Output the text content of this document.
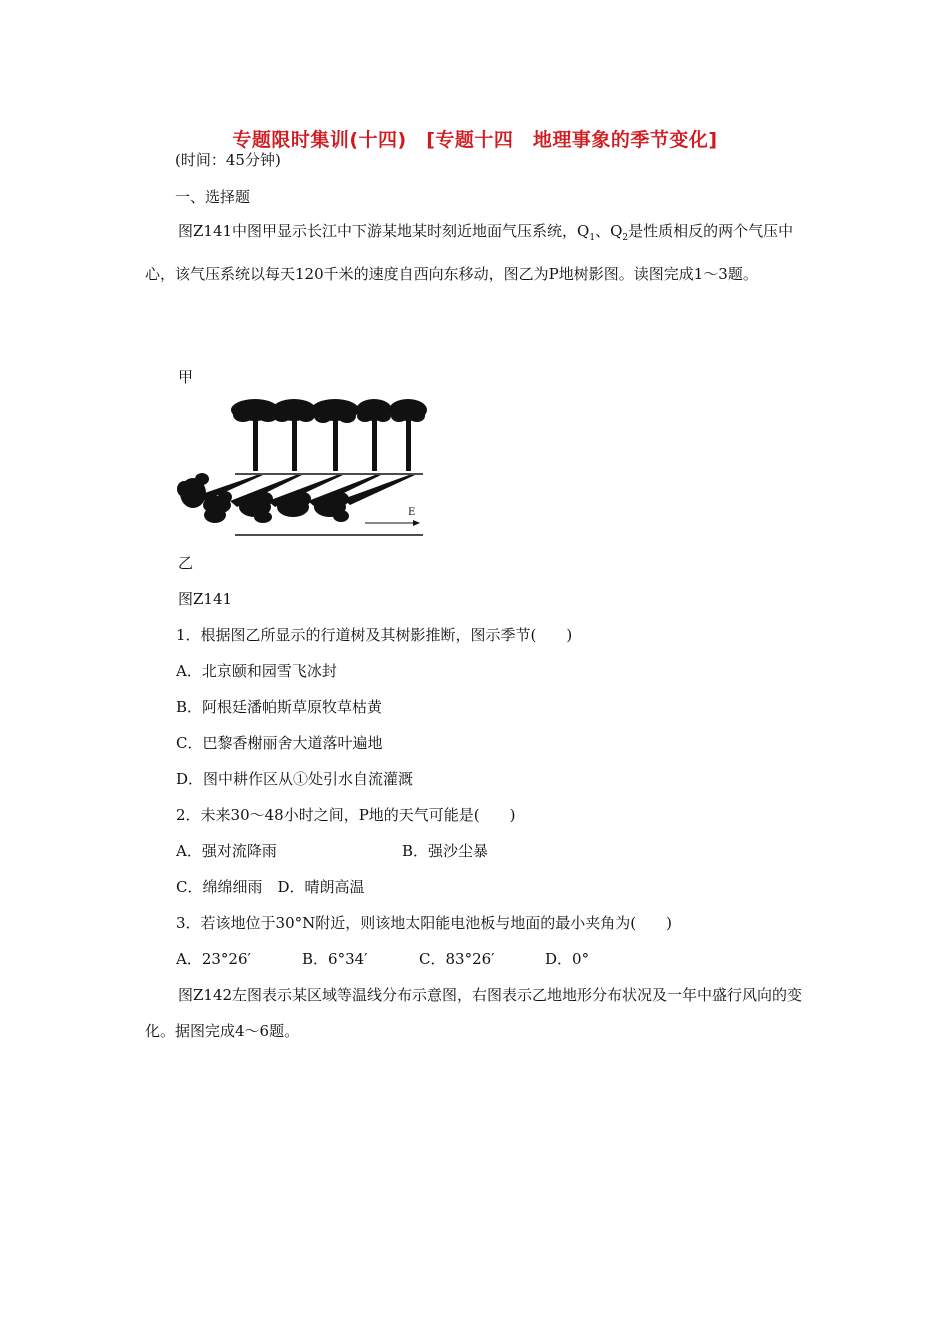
专题限时集训(十四)　[专题十四　地理事象的季节变化]
(时间：45分钟)
一、选择题
图Z141中图甲显示长江中下游某地某时刻近地面气压系统，$Q_1$、$Q_2$是性质相反的两个气压中心，该气压系统以每天120千米的速度自西向东移动，图乙为P地树影图。读图完成1～3题。
甲
E
乙
图Z141
1．根据图乙所显示的行道树及其树影推断，图示季节(　　)
A．北京颐和园雪飞冰封
B．阿根廷潘帕斯草原牧草枯黄
C．巴黎香榭丽舍大道落叶遍地
D．图中耕作区从①处引水自流灌溉
2．未来30～48小时之间，P地的天气可能是(　　)
A．强对流降雨	B．强沙尘暴
C．绵绵细雨　D．晴朗高温
3．若该地位于30°N附近，则该地太阳能电池板与地面的最小夹角为(　　)
A．23°26′	B．6°34′	C．83°26′	D．0°
图Z142左图表示某区域等温线分布示意图，右图表示乙地地形分布状况及一年中盛行风向的变化。据图完成4～6题。
